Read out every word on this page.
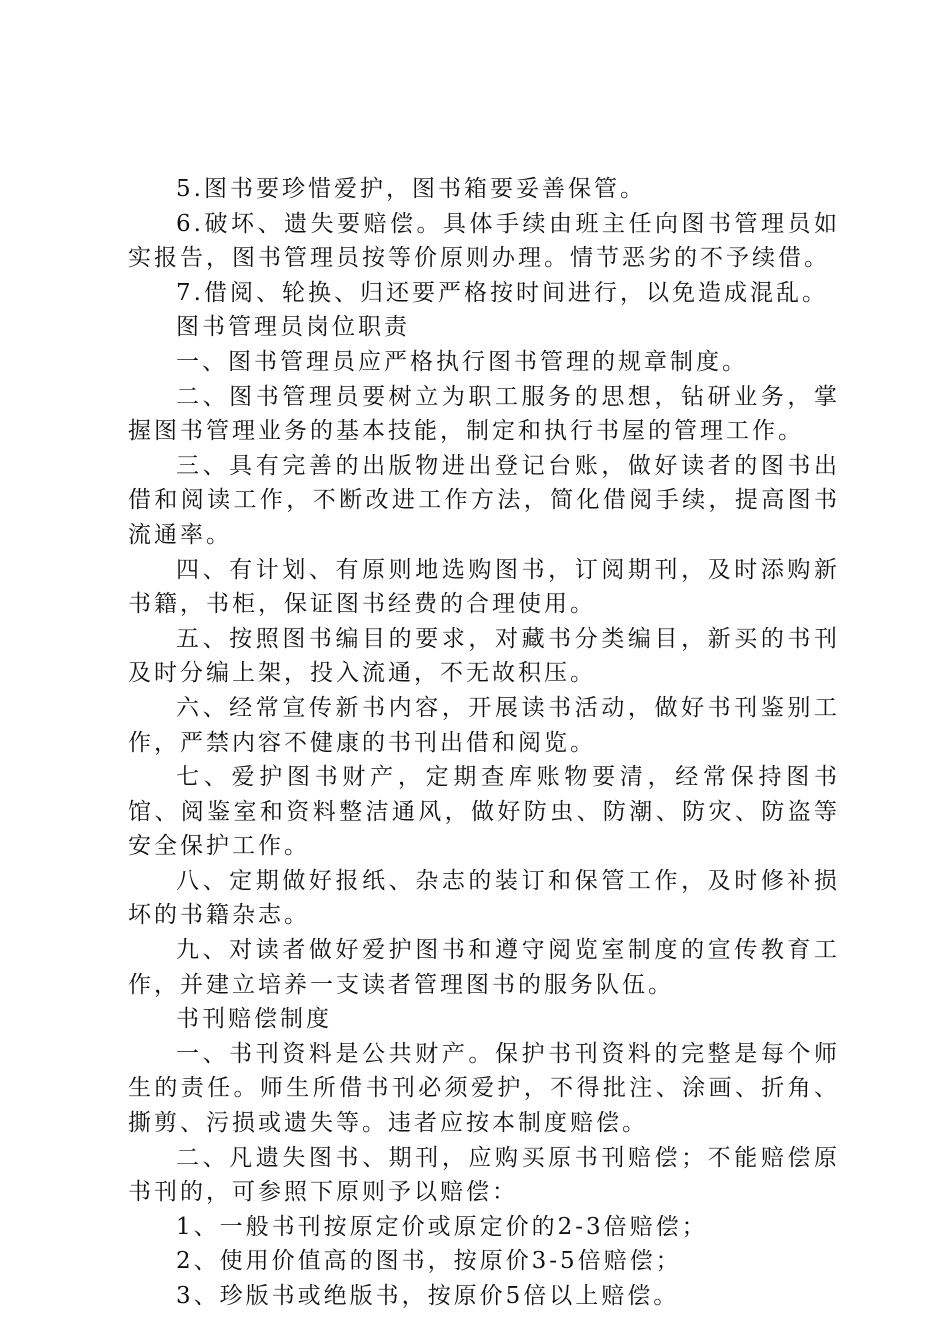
5.图书要珍惜爱护，图书箱要妥善保管。

6.破坏、遗失要赔偿。具体手续由班主任向图书管理员如实报告，图书管理员按等价原则办理。情节恶劣的不予续借。

7.借阅、轮换、归还要严格按时间进行，以免造成混乱。

图书管理员岗位职责

一、图书管理员应严格执行图书管理的规章制度。

二、图书管理员要树立为职工服务的思想，钻研业务，掌握图书管理业务的基本技能，制定和执行书屋的管理工作。

三、具有完善的出版物进出登记台账，做好读者的图书出借和阅读工作，不断改进工作方法，简化借阅手续，提高图书流通率。

四、有计划、有原则地选购图书，订阅期刊，及时添购新书籍，书柜，保证图书经费的合理使用。

五、按照图书编目的要求，对藏书分类编目，新买的书刊及时分编上架，投入流通，不无故积压。

六、经常宣传新书内容，开展读书活动，做好书刊鉴别工作，严禁内容不健康的书刊出借和阅览。

七、爱护图书财产，定期查库账物要清，经常保持图书馆、阅鉴室和资料整洁通风，做好防虫、防潮、防灾、防盗等安全保护工作。

八、定期做好报纸、杂志的装订和保管工作，及时修补损坏的书籍杂志。

九、对读者做好爱护图书和遵守阅览室制度的宣传教育工作，并建立培养一支读者管理图书的服务队伍。

书刊赔偿制度

一、书刊资料是公共财产。保护书刊资料的完整是每个师生的责任。师生所借书刊必须爱护，不得批注、涂画、折角、撕剪、污损或遗失等。违者应按本制度赔偿。

二、凡遗失图书、期刊，应购买原书刊赔偿；不能赔偿原书刊的，可参照下原则予以赔偿：

1、一般书刊按原定价或原定价的2-3倍赔偿；

2、使用价值高的图书，按原价3-5倍赔偿；

3、珍版书或绝版书，按原价5倍以上赔偿。
